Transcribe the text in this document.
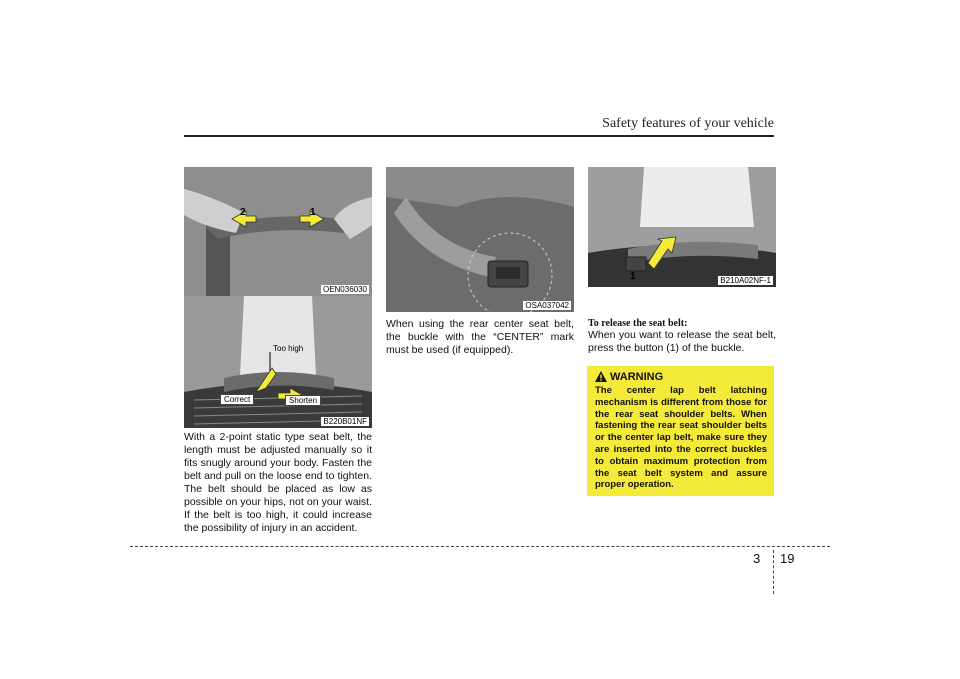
Safety features of your vehicle
2	1
OEN036030
Too high
Correct	Shorten
B220B01NF

With a 2-point static type seat belt, the length must be adjusted manually so it fits snugly around your body. Fasten the belt and pull on the loose end to tighten. The belt should be placed as low as possible on your hips, not on your waist. If the belt is too high, it could increase the possibility of injury in an accident.

OSA037042

When using the rear center seat belt, the buckle with the “CENTER” mark must be used (if equipped).

1	B210A02NF-1
To release the seat belt:

When you want to release the seat belt, press the button (1) of the buckle.

WARNING

The center lap belt latching mechanism is different from those for the rear seat shoulder belts. When fastening the rear seat shoulder belts or the center lap belt, make sure they are inserted into the correct buckles to obtain maximum protection from the seat belt system and assure proper operation.

3 19
